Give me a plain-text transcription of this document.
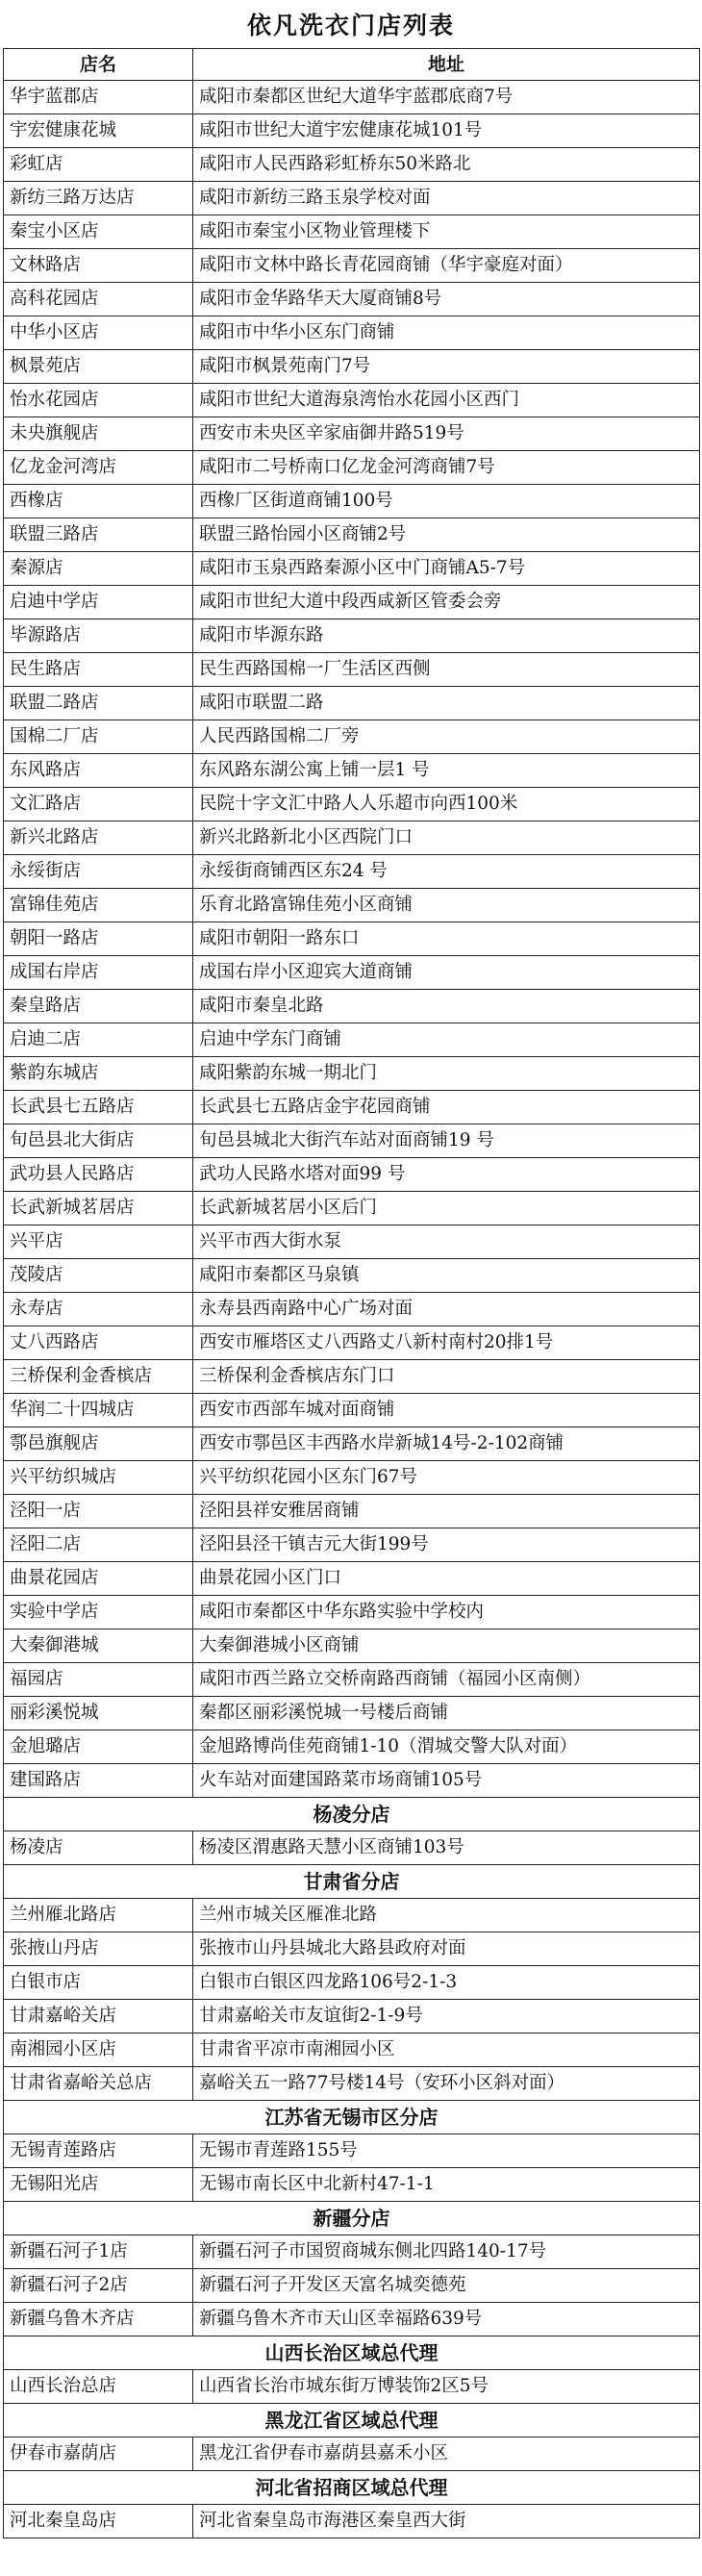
依凡洗衣门店列表
店名	地址
华宇蓝郡店	咸阳市秦都区世纪大道华宇蓝郡底商7号
宇宏健康花城	咸阳市世纪大道宇宏健康花城101号
彩虹店	咸阳市人民西路彩虹桥东50米路北
新纺三路万达店	咸阳市新纺三路玉泉学校对面
秦宝小区店	咸阳市秦宝小区物业管理楼下
文林路店	咸阳市文林中路长青花园商铺（华宇豪庭对面）
高科花园店	咸阳市金华路华天大厦商铺8号
中华小区店	咸阳市中华小区东门商铺
枫景苑店	咸阳市枫景苑南门7号
怡水花园店	咸阳市世纪大道海泉湾怡水花园小区西门
未央旗舰店	西安市未央区辛家庙御井路519号
亿龙金河湾店	咸阳市二号桥南口亿龙金河湾商铺7号
西橡店	西橡厂区街道商铺100号
联盟三路店	联盟三路怡园小区商铺2号
秦源店	咸阳市玉泉西路秦源小区中门商铺A5-7号
启迪中学店	咸阳市世纪大道中段西咸新区管委会旁
毕源路店	咸阳市毕源东路
民生路店	民生西路国棉一厂生活区西侧
联盟二路店	咸阳市联盟二路
国棉二厂店	人民西路国棉二厂旁
东风路店	东风路东湖公寓上铺一层1 号
文汇路店	民院十字文汇中路人人乐超市向西100米
新兴北路店	新兴北路新北小区西院门口
永绥街店	永绥街商铺西区东24 号
富锦佳苑店	乐育北路富锦佳苑小区商铺
朝阳一路店	咸阳市朝阳一路东口
成国右岸店	成国右岸小区迎宾大道商铺
秦皇路店	咸阳市秦皇北路
启迪二店	启迪中学东门商铺
紫韵东城店	咸阳紫韵东城一期北门
长武县七五路店	长武县七五路店金宇花园商铺
旬邑县北大街店	旬邑县城北大街汽车站对面商铺19 号
武功县人民路店	武功人民路水塔对面99 号
长武新城茗居店	长武新城茗居小区后门
兴平店	兴平市西大街水泵
茂陵店	咸阳市秦都区马泉镇
永寿店	永寿县西南路中心广场对面
丈八西路店	西安市雁塔区丈八西路丈八新村南村20排1号
三桥保利金香槟店	三桥保利金香槟店东门口
华润二十四城店	西安市西部车城对面商铺
鄠邑旗舰店	西安市鄠邑区丰西路水岸新城14号-2-102商铺
兴平纺织城店	兴平纺织花园小区东门67号
泾阳一店	泾阳县祥安雅居商铺
泾阳二店	泾阳县泾干镇吉元大街199号
曲景花园店	曲景花园小区门口
实验中学店	咸阳市秦都区中华东路实验中学校内
大秦御港城	大秦御港城小区商铺
福园店	咸阳市西兰路立交桥南路西商铺（福园小区南侧）
丽彩溪悦城	秦都区丽彩溪悦城一号楼后商铺
金旭璐店	金旭路博尚佳苑商铺1-10（渭城交警大队对面）
建国路店	火车站对面建国路菜市场商铺105号
杨凌分店	
杨凌店	杨凌区渭惠路天慧小区商铺103号
甘肃省分店	
兰州雁北路店	兰州市城关区雁准北路
张掖山丹店	张掖市山丹县城北大路县政府对面
白银市店	白银市白银区四龙路106号2-1-3
甘肃嘉峪关店	甘肃嘉峪关市友谊街2-1-9号
南湘园小区店	甘肃省平凉市南湘园小区
甘肃省嘉峪关总店	嘉峪关五一路77号楼14号（安环小区斜对面）
江苏省无锡市区分店	
无锡青莲路店	无锡市青莲路155号
无锡阳光店	无锡市南长区中北新村47-1-1
新疆分店	
新疆石河子1店	新疆石河子市国贸商城东侧北四路140-17号
新疆石河子2店	新疆石河子开发区天富名城奕德苑
新疆乌鲁木齐店	新疆乌鲁木齐市天山区幸福路639号
山西长治区域总代理	
山西长治总店	山西省长治市城东街万博装饰2区5号
黑龙江省区域总代理	
伊春市嘉荫店	黑龙江省伊春市嘉荫县嘉禾小区
河北省招商区域总代理	
河北秦皇岛店	河北省秦皇岛市海港区秦皇西大街
